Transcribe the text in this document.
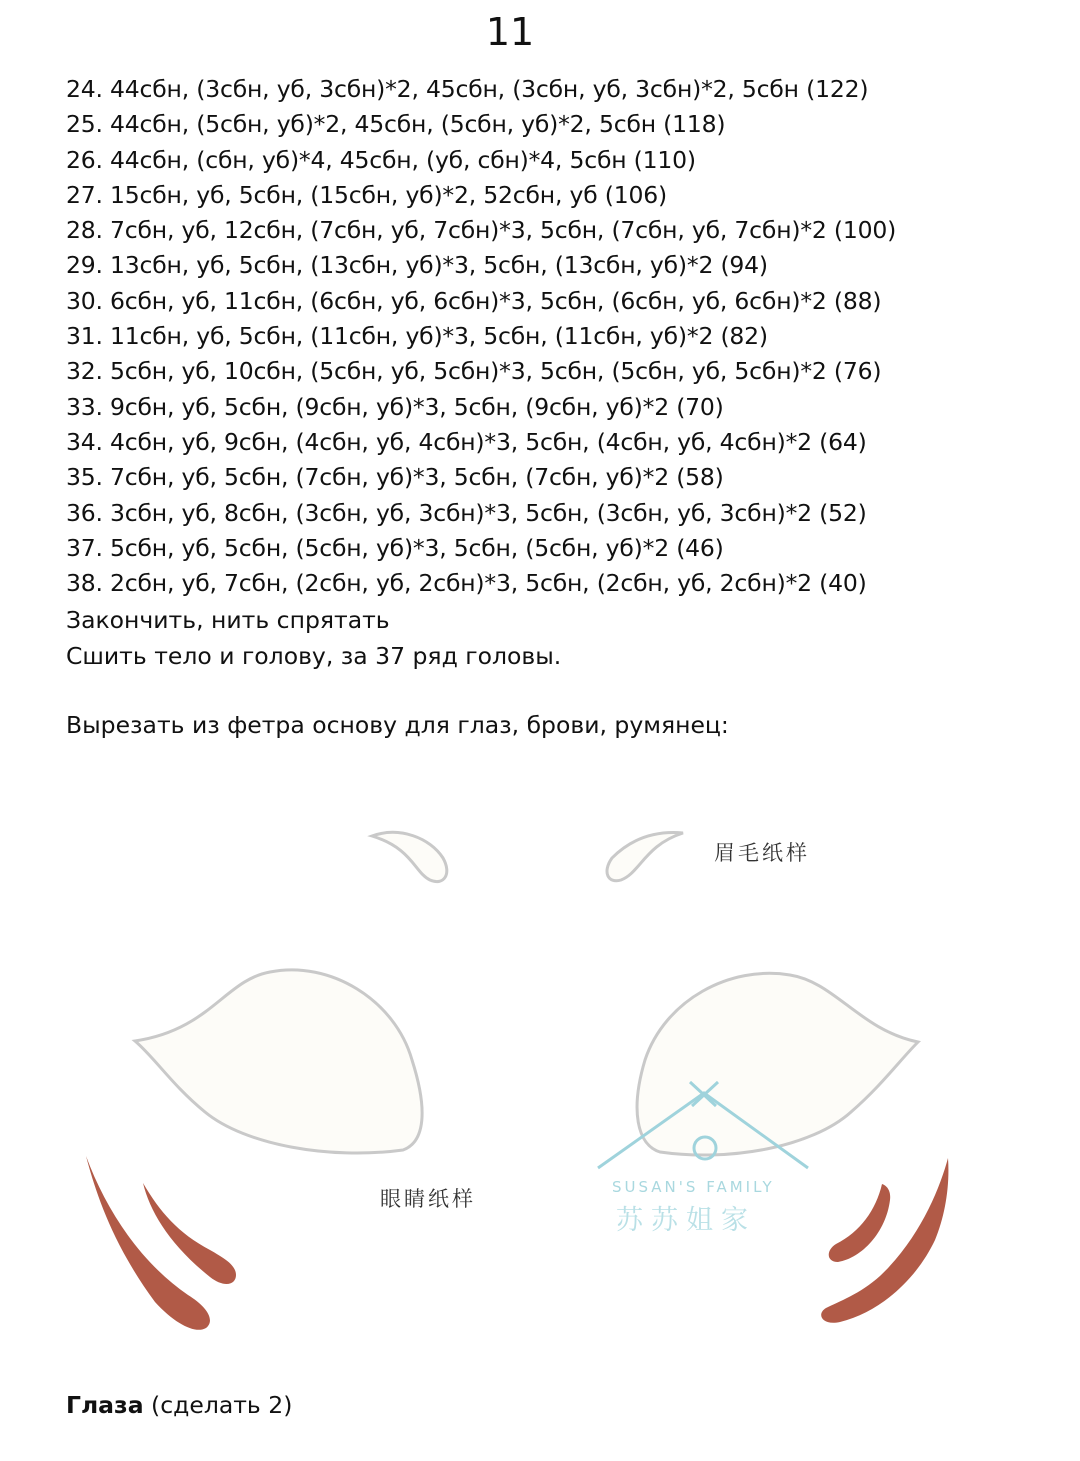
11
24. 44сбн, (3сбн, уб, 3сбн)*2, 45сбн, (3сбн, уб, 3сбн)*2, 5сбн (122)
25. 44сбн, (5сбн, уб)*2, 45сбн, (5сбн, уб)*2, 5сбн (118)
26. 44сбн, (сбн, уб)*4, 45сбн, (уб, сбн)*4, 5сбн (110)
27. 15сбн, уб, 5сбн, (15сбн, уб)*2, 52сбн, уб (106)
28. 7сбн, уб, 12сбн, (7сбн, уб, 7сбн)*3, 5сбн, (7сбн, уб, 7сбн)*2 (100)
29. 13сбн, уб, 5сбн, (13сбн, уб)*3, 5сбн, (13сбн, уб)*2 (94)
30. 6сбн, уб, 11сбн, (6сбн, уб, 6сбн)*3, 5сбн, (6сбн, уб, 6сбн)*2 (88)
31. 11сбн, уб, 5сбн, (11сбн, уб)*3, 5сбн, (11сбн, уб)*2 (82)
32. 5сбн, уб, 10сбн, (5сбн, уб, 5сбн)*3, 5сбн, (5сбн, уб, 5сбн)*2 (76)
33. 9сбн, уб, 5сбн, (9сбн, уб)*3, 5сбн, (9сбн, уб)*2 (70)
34. 4сбн, уб, 9сбн, (4сбн, уб, 4сбн)*3, 5сбн, (4сбн, уб, 4сбн)*2 (64)
35. 7сбн, уб, 5сбн, (7сбн, уб)*3, 5сбн, (7сбн, уб)*2 (58)
36. 3сбн, уб, 8сбн, (3сбн, уб, 3сбн)*3, 5сбн, (3сбн, уб, 3сбн)*2 (52)
37. 5сбн, уб, 5сбн, (5сбн, уб)*3, 5сбн, (5сбн, уб)*2 (46)
38. 2сбн, уб, 7сбн, (2сбн, уб, 2сбн)*3, 5сбн, (2сбн, уб, 2сбн)*2 (40)
Закончить, нить спрятать
Сшить тело и голову, за 37 ряд головы.
Вырезать из фетра основу для глаз, брови, румянец:
眉毛纸样
眼睛纸样	SUSAN'S FAMILY
苏苏姐家
Глаза (сделать 2)
